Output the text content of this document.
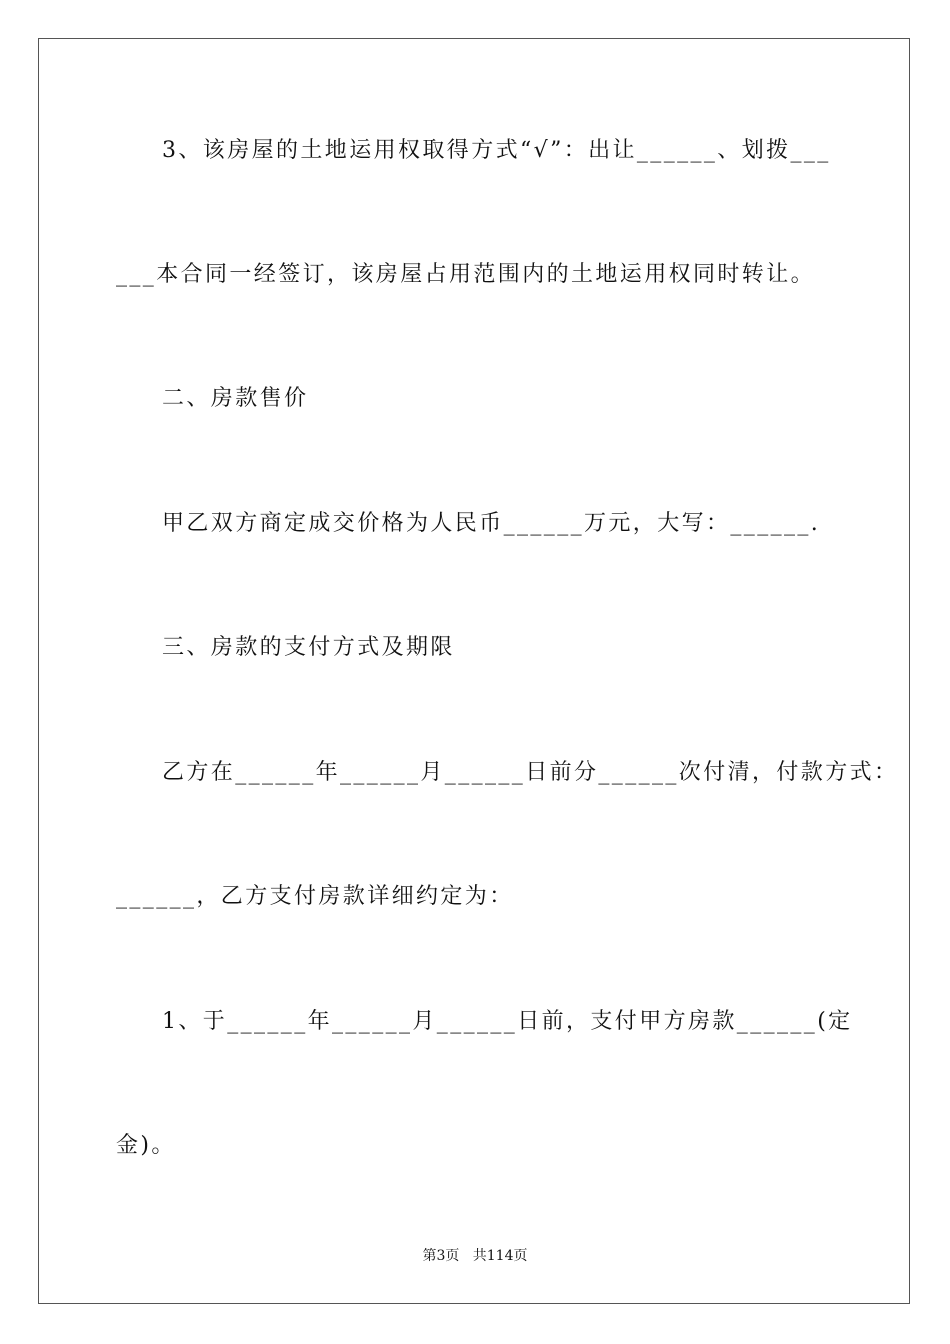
3、该房屋的土地运用权取得方式“√”：出让______、划拨___
___本合同一经签订，该房屋占用范围内的土地运用权同时转让。
二、房款售价
甲乙双方商定成交价格为人民币______万元，大写：______.
三、房款的支付方式及期限
乙方在______年______月______日前分______次付清，付款方式：
______，乙方支付房款详细约定为：
1、于______年______月______日前，支付甲方房款______(定
金)。
第3页   共114页
